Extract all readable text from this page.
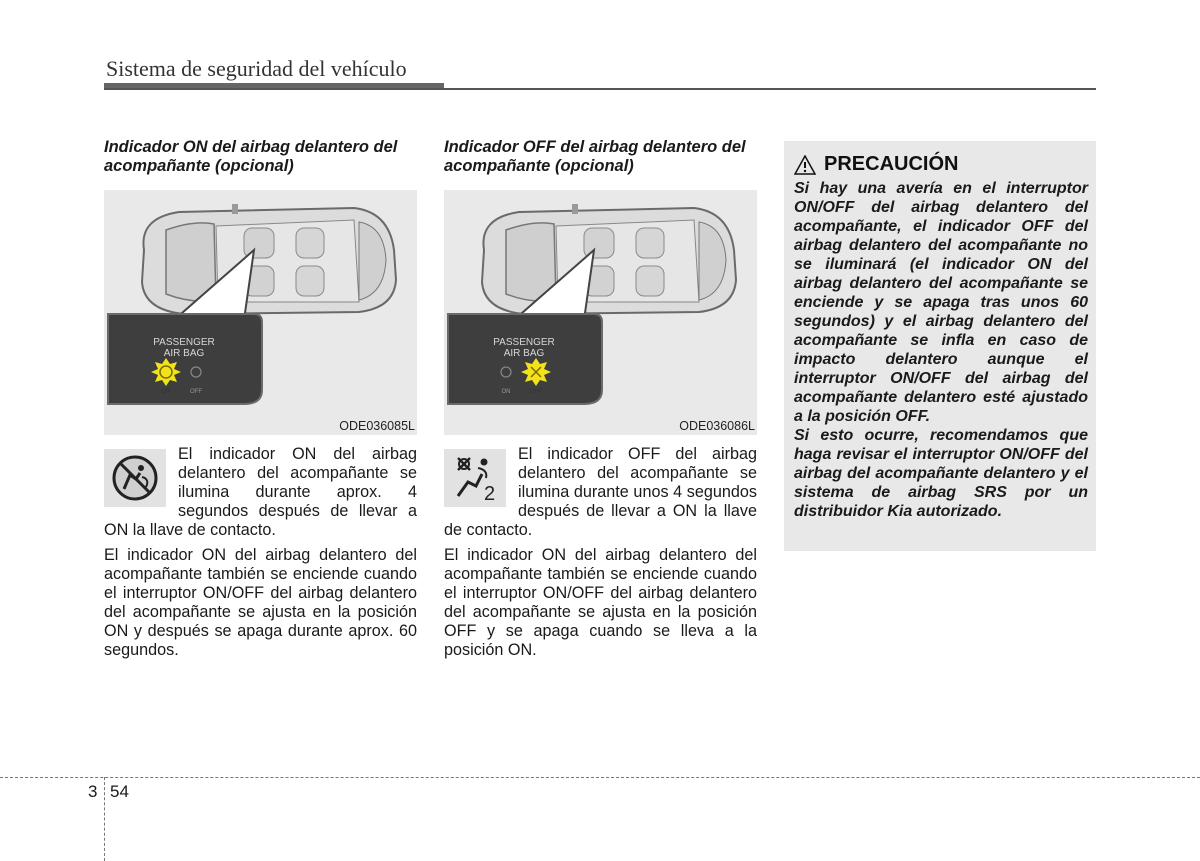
Sistema de seguridad del vehículo

Indicador ON del airbag delantero del acompañante (opcional)

PASSENGER
AIR BAG
ON	OFF
ODE036085L

El indicador ON del airbag delantero del acompañante se ilumina durante aprox. 4 segundos después de llevar a ON la llave de contacto.

El indicador ON del airbag delantero del acompañante también se enciende cuando el interruptor ON/OFF del airbag delantero del acompañante se ajusta en la posición ON y después se apaga durante aprox. 60 segundos.

Indicador OFF del airbag delantero del acompañante (opcional)

PASSENGER
AIR BAG
ON	OFF
ODE036086L
2

El indicador OFF del airbag delantero del acompañante se ilumina durante unos 4 segundos después de llevar a ON la llave de contacto.

El indicador ON del airbag delantero del acompañante también se enciende cuando el interruptor ON/OFF del airbag delantero del acompañante se ajusta en la posición OFF y se apaga cuando se lleva a la posición ON.

PRECAUCIÓN

Si hay una avería en el interruptor ON/OFF del airbag delantero del acompañante, el indicador OFF del airbag delantero del acompañante no se iluminará (el indicador ON del airbag delantero del acompañante se enciende y se apaga tras unos 60 segundos) y el airbag delantero del acompañante se infla en caso de impacto delantero aunque el interruptor ON/OFF del airbag del acompañante delantero esté ajustado a la posición OFF.

Si esto ocurre, recomendamos que haga revisar el interruptor ON/OFF del airbag del acompañante delantero y el sistema de airbag SRS por un distribuidor Kia autorizado.

3 54
